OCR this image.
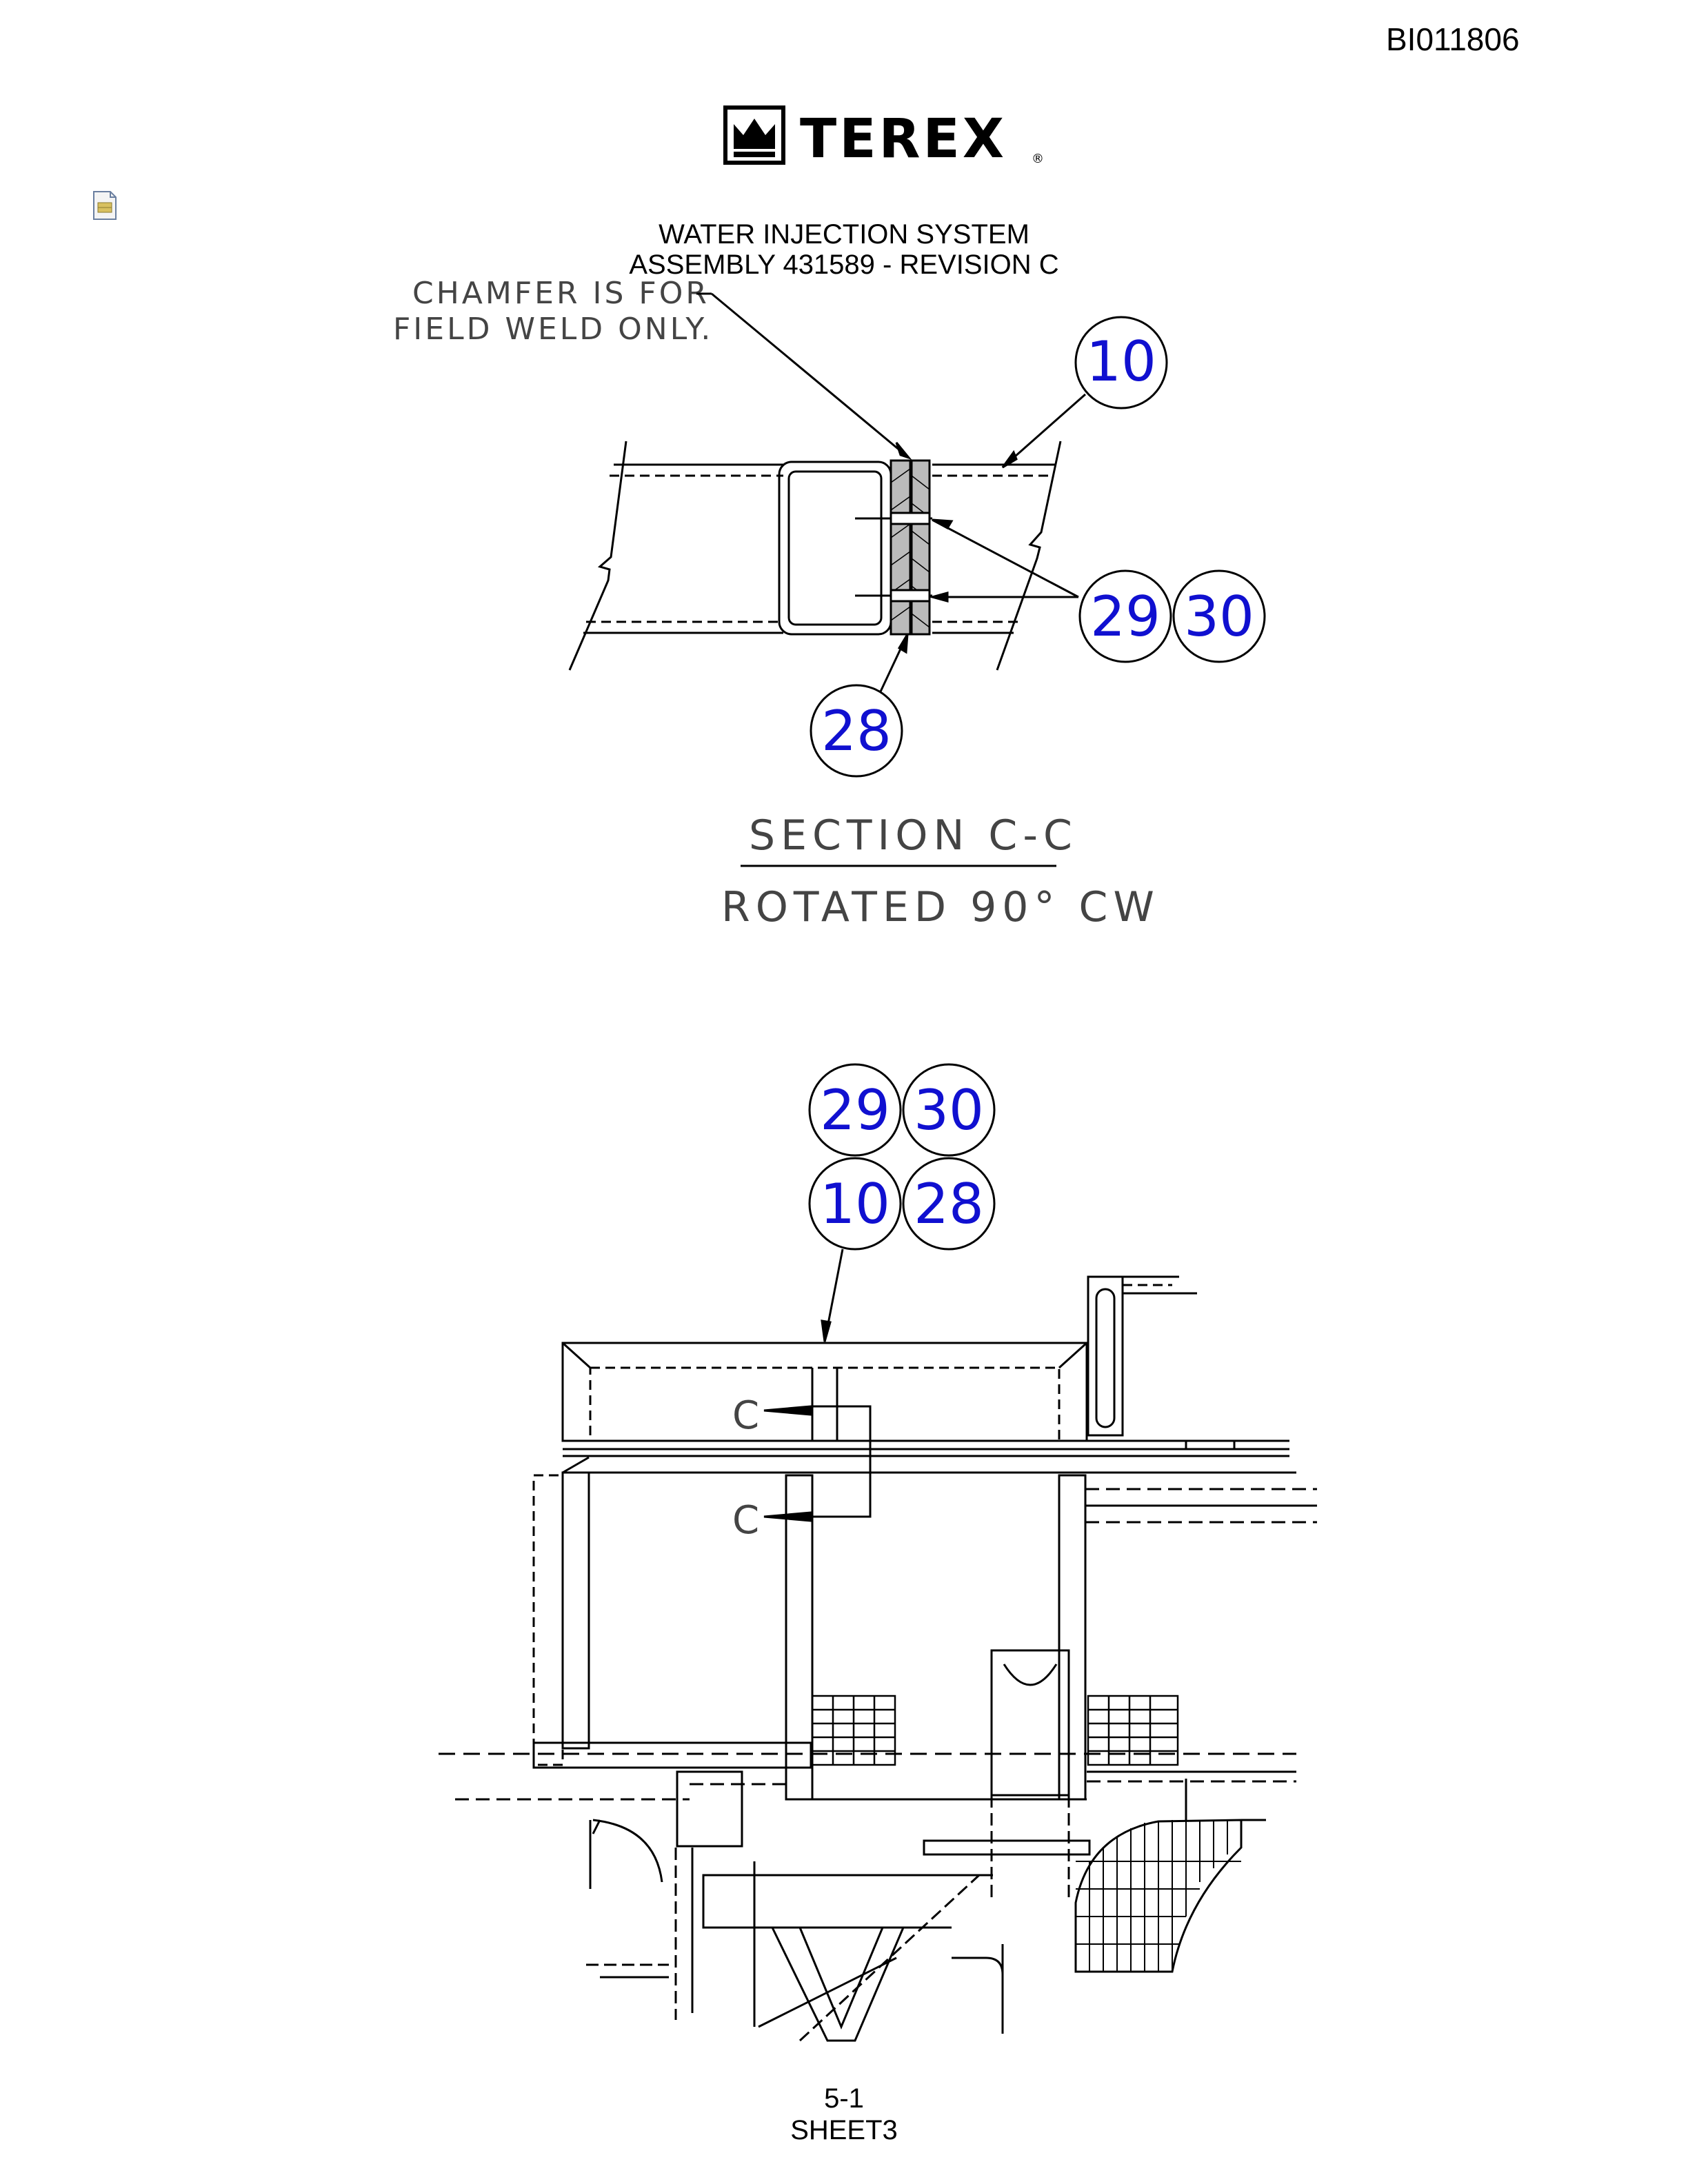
BI011806
TEREX ®
WATER INJECTION SYSTEM
ASSEMBLY 431589 - REVISION C
CHAMFER IS FOR
FIELD WELD ONLY.
SECTION C-C
ROTATED 90° CW
10
29 30
28
29 30
10 28
C
C
5-1
SHEET3
